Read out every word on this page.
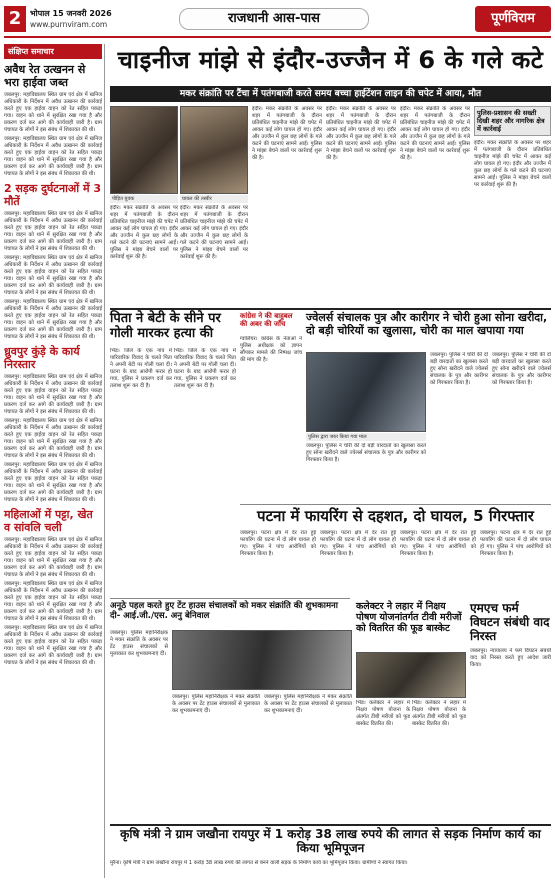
2	भोपाल 15 जनवरी 2026
www.purnviram.com	राजधानी आस-पास	पूर्णविराम
संक्षिप्त समाचार
अवैध रेत उत्खनन से भरा हाईवा जब्त
जबलपुर: महाविद्यालय स्थित ग्राम एवं क्षेत्र में खनिज अधिकारी के निर्देशन में अवैध उत्खनन की कार्रवाई करते हुए एक हाईवा वाहन को रेत सहित पकड़ा गया। वाहन को थाने में सुरक्षित रखा गया है और प्रकरण दर्ज कर आगे की कार्यवाही जारी है। ग्राम पंचायत के लोगों ने इस संबंध में शिकायत की थी।
जबलपुर: महाविद्यालय स्थित ग्राम एवं क्षेत्र में खनिज अधिकारी के निर्देशन में अवैध उत्खनन की कार्रवाई करते हुए एक हाईवा वाहन को रेत सहित पकड़ा गया। वाहन को थाने में सुरक्षित रखा गया है और प्रकरण दर्ज कर आगे की कार्यवाही जारी है। ग्राम पंचायत के लोगों ने इस संबंध में शिकायत की थी।
2 सड़क दुर्घटनाओं में 3 मौतें
जबलपुर: महाविद्यालय स्थित ग्राम एवं क्षेत्र में खनिज अधिकारी के निर्देशन में अवैध उत्खनन की कार्रवाई करते हुए एक हाईवा वाहन को रेत सहित पकड़ा गया। वाहन को थाने में सुरक्षित रखा गया है और प्रकरण दर्ज कर आगे की कार्यवाही जारी है। ग्राम पंचायत के लोगों ने इस संबंध में शिकायत की थी।
जबलपुर: महाविद्यालय स्थित ग्राम एवं क्षेत्र में खनिज अधिकारी के निर्देशन में अवैध उत्खनन की कार्रवाई करते हुए एक हाईवा वाहन को रेत सहित पकड़ा गया। वाहन को थाने में सुरक्षित रखा गया है और प्रकरण दर्ज कर आगे की कार्यवाही जारी है। ग्राम पंचायत के लोगों ने इस संबंध में शिकायत की थी।
जबलपुर: महाविद्यालय स्थित ग्राम एवं क्षेत्र में खनिज अधिकारी के निर्देशन में अवैध उत्खनन की कार्रवाई करते हुए एक हाईवा वाहन को रेत सहित पकड़ा गया। वाहन को थाने में सुरक्षित रखा गया है और प्रकरण दर्ज कर आगे की कार्यवाही जारी है। ग्राम पंचायत के लोगों ने इस संबंध में शिकायत की थी।
ध्रुवपुर कुंड़े के कार्य निरस्तार
जबलपुर: महाविद्यालय स्थित ग्राम एवं क्षेत्र में खनिज अधिकारी के निर्देशन में अवैध उत्खनन की कार्रवाई करते हुए एक हाईवा वाहन को रेत सहित पकड़ा गया। वाहन को थाने में सुरक्षित रखा गया है और प्रकरण दर्ज कर आगे की कार्यवाही जारी है। ग्राम पंचायत के लोगों ने इस संबंध में शिकायत की थी।
जबलपुर: महाविद्यालय स्थित ग्राम एवं क्षेत्र में खनिज अधिकारी के निर्देशन में अवैध उत्खनन की कार्रवाई करते हुए एक हाईवा वाहन को रेत सहित पकड़ा गया। वाहन को थाने में सुरक्षित रखा गया है और प्रकरण दर्ज कर आगे की कार्यवाही जारी है। ग्राम पंचायत के लोगों ने इस संबंध में शिकायत की थी।
जबलपुर: महाविद्यालय स्थित ग्राम एवं क्षेत्र में खनिज अधिकारी के निर्देशन में अवैध उत्खनन की कार्रवाई करते हुए एक हाईवा वाहन को रेत सहित पकड़ा गया। वाहन को थाने में सुरक्षित रखा गया है और प्रकरण दर्ज कर आगे की कार्यवाही जारी है। ग्राम पंचायत के लोगों ने इस संबंध में शिकायत की थी।
महिलाओं में पट्टा, खेत व सांवलि चली
जबलपुर: महाविद्यालय स्थित ग्राम एवं क्षेत्र में खनिज अधिकारी के निर्देशन में अवैध उत्खनन की कार्रवाई करते हुए एक हाईवा वाहन को रेत सहित पकड़ा गया। वाहन को थाने में सुरक्षित रखा गया है और प्रकरण दर्ज कर आगे की कार्यवाही जारी है। ग्राम पंचायत के लोगों ने इस संबंध में शिकायत की थी।
जबलपुर: महाविद्यालय स्थित ग्राम एवं क्षेत्र में खनिज अधिकारी के निर्देशन में अवैध उत्खनन की कार्रवाई करते हुए एक हाईवा वाहन को रेत सहित पकड़ा गया। वाहन को थाने में सुरक्षित रखा गया है और प्रकरण दर्ज कर आगे की कार्यवाही जारी है। ग्राम पंचायत के लोगों ने इस संबंध में शिकायत की थी।
जबलपुर: महाविद्यालय स्थित ग्राम एवं क्षेत्र में खनिज अधिकारी के निर्देशन में अवैध उत्खनन की कार्रवाई करते हुए एक हाईवा वाहन को रेत सहित पकड़ा गया। वाहन को थाने में सुरक्षित रखा गया है और प्रकरण दर्ज कर आगे की कार्यवाही जारी है। ग्राम पंचायत के लोगों ने इस संबंध में शिकायत की थी।
चाइनीज मांझे से इंदौर-उज्जैन में 6 के गले कटे
मकर संक्रांति पर टैंचा में पतंगबाजी करते समय बच्चा हाईटेंशन लाइन की चपेट में आया, मौत
पीड़ित युवक	घायल की तस्वीर
इंदौर। मकर संक्रांति के अवसर पर शहर में पतंगबाजी के दौरान प्रतिबंधित चाइनीज मांझे की चपेट में आकर कई लोग घायल हो गए। इंदौर और उज्जैन में कुल छह लोगों के गले कटने की घटनाएं सामने आईं। पुलिस ने मांझा बेचने वालों पर कार्रवाई शुरू की है।
इंदौर। मकर संक्रांति के अवसर पर शहर में पतंगबाजी के दौरान प्रतिबंधित चाइनीज मांझे की चपेट में आकर कई लोग घायल हो गए। इंदौर और उज्जैन में कुल छह लोगों के गले कटने की घटनाएं सामने आईं। पुलिस ने मांझा बेचने वालों पर कार्रवाई शुरू की है।
इंदौर। मकर संक्रांति के अवसर पर शहर में पतंगबाजी के दौरान प्रतिबंधित चाइनीज मांझे की चपेट में आकर कई लोग घायल हो गए। इंदौर और उज्जैन में कुल छह लोगों के गले कटने की घटनाएं सामने आईं। पुलिस ने मांझा बेचने वालों पर कार्रवाई शुरू की है।
इंदौर। मकर संक्रांति के अवसर पर शहर में पतंगबाजी के दौरान प्रतिबंधित चाइनीज मांझे की चपेट में आकर कई लोग घायल हो गए। इंदौर और उज्जैन में कुल छह लोगों के गले कटने की घटनाएं सामने आईं। पुलिस ने मांझा बेचने वालों पर कार्रवाई शुरू की है।
इंदौर। मकर संक्रांति के अवसर पर शहर में पतंगबाजी के दौरान प्रतिबंधित चाइनीज मांझे की चपेट में आकर कई लोग घायल हो गए। इंदौर और उज्जैन में कुल छह लोगों के गले कटने की घटनाएं सामने आईं। पुलिस ने मांझा बेचने वालों पर कार्रवाई शुरू की है।
पुलिस-प्रशासन की सख्ती दिखी शहर और नागरिक क्षेत्र में कार्रवाई
इंदौर। मकर संक्रांति के अवसर पर शहर में पतंगबाजी के दौरान प्रतिबंधित चाइनीज मांझे की चपेट में आकर कई लोग घायल हो गए। इंदौर और उज्जैन में कुल छह लोगों के गले कटने की घटनाएं सामने आईं। पुलिस ने मांझा बेचने वालों पर कार्रवाई शुरू की है।
पिता ने बेटी के सीने पर गोली मारकर हत्या की
भिंड। जिले के एक गांव में पारिवारिक विवाद के चलते पिता ने अपनी बेटी पर गोली चला दी। घटना के बाद आरोपी फरार हो गया, पुलिस ने प्रकरण दर्ज कर तलाश शुरू कर दी है।
भिंड। जिले के एक गांव में पारिवारिक विवाद के चलते पिता ने अपनी बेटी पर गोली चला दी। घटना के बाद आरोपी फरार हो गया, पुलिस ने प्रकरण दर्ज कर तलाश शुरू कर दी है।
कांग्रेस ने की बाहुबल की अबर की जाँच
ग्वालियर। कांग्रेस के नेताओं ने पुलिस अधीक्षक को ज्ञापन सौंपकर मामले की निष्पक्ष जांच की मांग की है।
ज्वेलर्स संचालक पुत्र और कारीगर ने चोरी हुआ सोना खरीदा, दो बड़ी चोरियों का खुलासा, चोरी का माल खपाया गया
पुलिस द्वारा जब्त किया गया माल
जबलपुर। पुलिस ने चोरी की दो बड़ी वारदातों का खुलासा करते हुए सोना खरीदने वाले ज्वेलर्स संचालक के पुत्र और कारीगर को गिरफ्तार किया है।
जबलपुर। पुलिस ने चोरी की दो बड़ी वारदातों का खुलासा करते हुए सोना खरीदने वाले ज्वेलर्स संचालक के पुत्र और कारीगर को गिरफ्तार किया है।
जबलपुर। पुलिस ने चोरी की दो बड़ी वारदातों का खुलासा करते हुए सोना खरीदने वाले ज्वेलर्स संचालक के पुत्र और कारीगर को गिरफ्तार किया है।
पटना में फायरिंग से दहशत, दो घायल, 5 गिरफ्तार
जबलपुर। पटना क्षेत्र में देर रात हुई फायरिंग की घटना में दो लोग घायल हो गए। पुलिस ने पांच आरोपियों को गिरफ्तार किया है।
जबलपुर। पटना क्षेत्र में देर रात हुई फायरिंग की घटना में दो लोग घायल हो गए। पुलिस ने पांच आरोपियों को गिरफ्तार किया है।
जबलपुर। पटना क्षेत्र में देर रात हुई फायरिंग की घटना में दो लोग घायल हो गए। पुलिस ने पांच आरोपियों को गिरफ्तार किया है।
जबलपुर। पटना क्षेत्र में देर रात हुई फायरिंग की घटना में दो लोग घायल हो गए। पुलिस ने पांच आरोपियों को गिरफ्तार किया है।
अनूठे पहल करते हुए टेंट हाउस संचालकों को मकर संक्रांति की शुभकामना दी- आई.जी./एस. अनु बेनिवाल
जबलपुर। पुलिस महानिरीक्षक ने मकर संक्रांति के अवसर पर टेंट हाउस संचालकों से मुलाकात कर शुभकामनाएं दीं।
जबलपुर। पुलिस महानिरीक्षक ने मकर संक्रांति के अवसर पर टेंट हाउस संचालकों से मुलाकात कर शुभकामनाएं दीं।
जबलपुर। पुलिस महानिरीक्षक ने मकर संक्रांति के अवसर पर टेंट हाउस संचालकों से मुलाकात कर शुभकामनाएं दीं।
कलेक्टर ने लहार में निक्षय पोषण योजनांतर्गत टीवी मरीजों को वितरित की फूड बास्केट
भिंड। कलेक्टर ने लहार में निक्षय पोषण योजना के अंतर्गत टीबी मरीजों को फूड बास्केट वितरित की।
भिंड। कलेक्टर ने लहार में निक्षय पोषण योजना के अंतर्गत टीबी मरीजों को फूड बास्केट वितरित की।
एमएच फर्म विघटन संबंधी वाद निरस्त
जबलपुर। न्यायालय ने फर्म विघटन संबंधी वाद को निरस्त करते हुए आदेश जारी किया।
कृषि मंत्री ने ग्राम जखौना रायपुर में 1 करोड़ 38 लाख रुपये की लागत से सड़क निर्माण कार्य का किया भूमिपूजन
मुरैना। कृषि मंत्री ने ग्राम जखौना रायपुर में 1 करोड़ 38 लाख रुपये की लागत से बनने वाली सड़क के निर्माण कार्य का भूमिपूजन किया। ग्रामीणों ने स्वागत किया।
